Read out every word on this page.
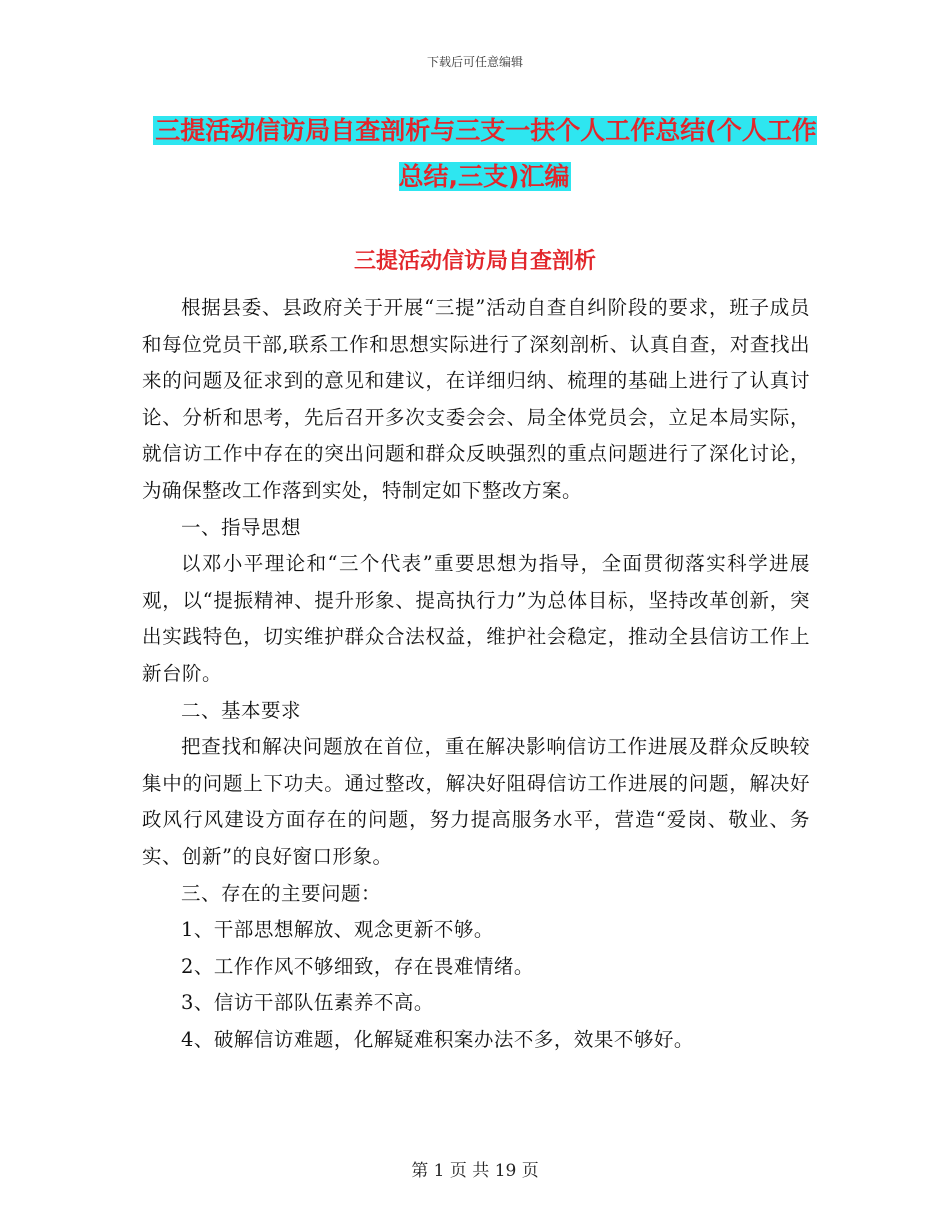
下载后可任意编辑
三提活动信访局自查剖析与三支一扶个人工作总结(个人工作总结,三支)汇编
三提活动信访局自查剖析

根据县委、县政府关于开展“三提”活动自查自纠阶段的要求，班子成员和每位党员干部,联系工作和思想实际进行了深刻剖析、认真自查，对查找出来的问题及征求到的意见和建议，在详细归纳、梳理的基础上进行了认真讨论、分析和思考，先后召开多次支委会会、局全体党员会，立足本局实际，就信访工作中存在的突出问题和群众反映强烈的重点问题进行了深化讨论，为确保整改工作落到实处，特制定如下整改方案。

一、指导思想

以邓小平理论和“三个代表”重要思想为指导，全面贯彻落实科学进展观，以“提振精神、提升形象、提高执行力”为总体目标，坚持改革创新，突出实践特色，切实维护群众合法权益，维护社会稳定，推动全县信访工作上新台阶。

二、基本要求

把查找和解决问题放在首位，重在解决影响信访工作进展及群众反映较集中的问题上下功夫。通过整改，解决好阻碍信访工作进展的问题，解决好政风行风建设方面存在的问题，努力提高服务水平，营造“爱岗、敬业、务实、创新”的良好窗口形象。

三、存在的主要问题：

1、干部思想解放、观念更新不够。

2、工作作风不够细致，存在畏难情绪。

3、信访干部队伍素养不高。

4、破解信访难题，化解疑难积案办法不多，效果不够好。

第 1 页 共 19 页
